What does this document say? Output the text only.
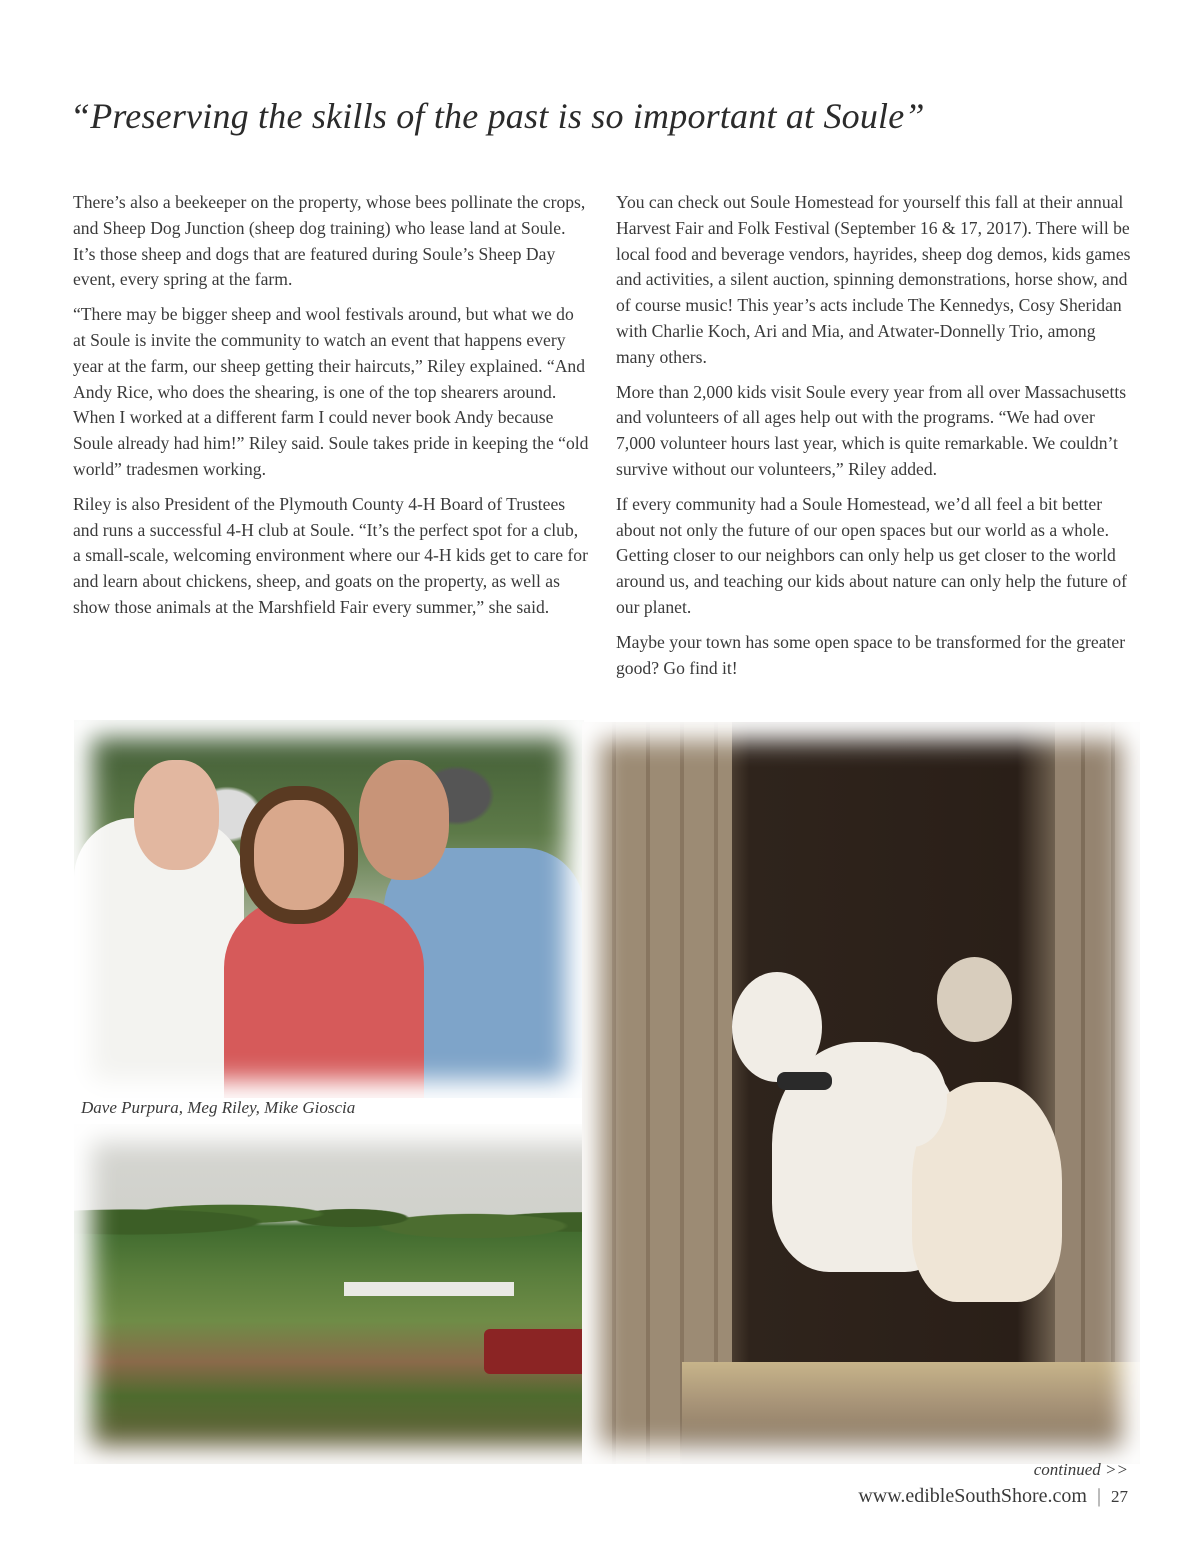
“Preserving the skills of the past is so important at Soule”

There’s also a beekeeper on the property, whose bees pollinate the crops, and Sheep Dog Junction (sheep dog training) who lease land at Soule. It’s those sheep and dogs that are featured during Soule’s Sheep Day event, every spring at the farm.

“There may be bigger sheep and wool festivals around, but what we do at Soule is invite the community to watch an event that happens every year at the farm, our sheep getting their haircuts,” Riley explained. “And Andy Rice, who does the shearing, is one of the top shearers around. When I worked at a different farm I could never book Andy because Soule already had him!” Riley said. Soule takes pride in keeping the “old world” tradesmen working.

Riley is also President of the Plymouth County 4-H Board of Trustees and runs a successful 4-H club at Soule. “It’s the perfect spot for a club, a small-scale, welcoming environment where our 4-H kids get to care for and learn about chickens, sheep, and goats on the property, as well as show those animals at the Marshfield Fair every summer,” she said.

You can check out Soule Homestead for yourself this fall at their annual Harvest Fair and Folk Festival (September 16 & 17, 2017). There will be local food and beverage vendors, hayrides, sheep dog demos, kids games and activities, a silent auction, spinning demonstrations, horse show, and of course music! This year’s acts include The Kennedys, Cosy Sheridan with Charlie Koch, Ari and Mia, and Atwater-Donnelly Trio, among many others.

More than 2,000 kids visit Soule every year from all over Massachusetts and volunteers of all ages help out with the programs. “We had over 7,000 volunteer hours last year, which is quite remarkable. We couldn’t survive without our volunteers,” Riley added.

If every community had a Soule Homestead, we’d all feel a bit better about not only the future of our open spaces but our world as a whole. Getting closer to our neighbors can only help us get closer to the world around us, and teaching our kids about nature can only help the future of our planet.

Maybe your town has some open space to be transformed for the greater good? Go find it!

Dave Purpura, Meg Riley, Mike Gioscia
continued >>
www.edibleSouthShore.com | 27
